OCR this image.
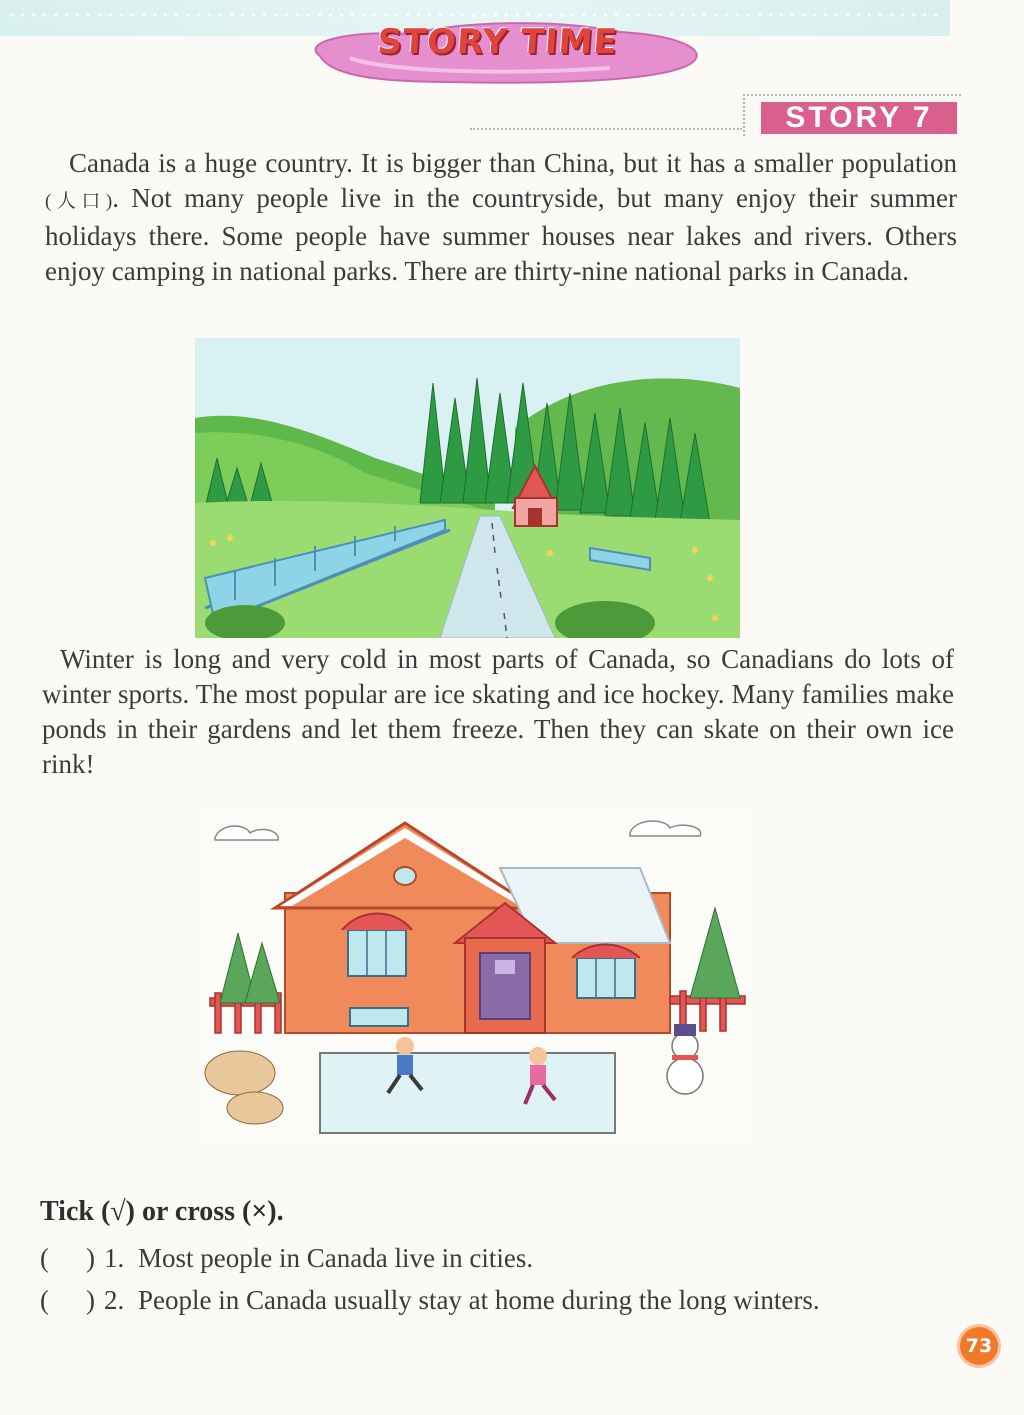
STORY TIME
STORY 7

Canada is a huge country. It is bigger than China, but it has a smaller population (人口). Not many people live in the countryside, but many enjoy their summer holidays there. Some people have summer houses near lakes and rivers. Others enjoy camping in national parks. There are thirty-nine national parks in Canada.

Winter is long and very cold in most parts of Canada, so Canadians do lots of winter sports. The most popular are ice skating and ice hockey. Many families make ponds in their gardens and let them freeze. Then they can skate on their own ice rink!

Tick (√) or cross (×).
( ) 1. Most people in Canada live in cities.
( ) 2. People in Canada usually stay at home during the long winters.
73
